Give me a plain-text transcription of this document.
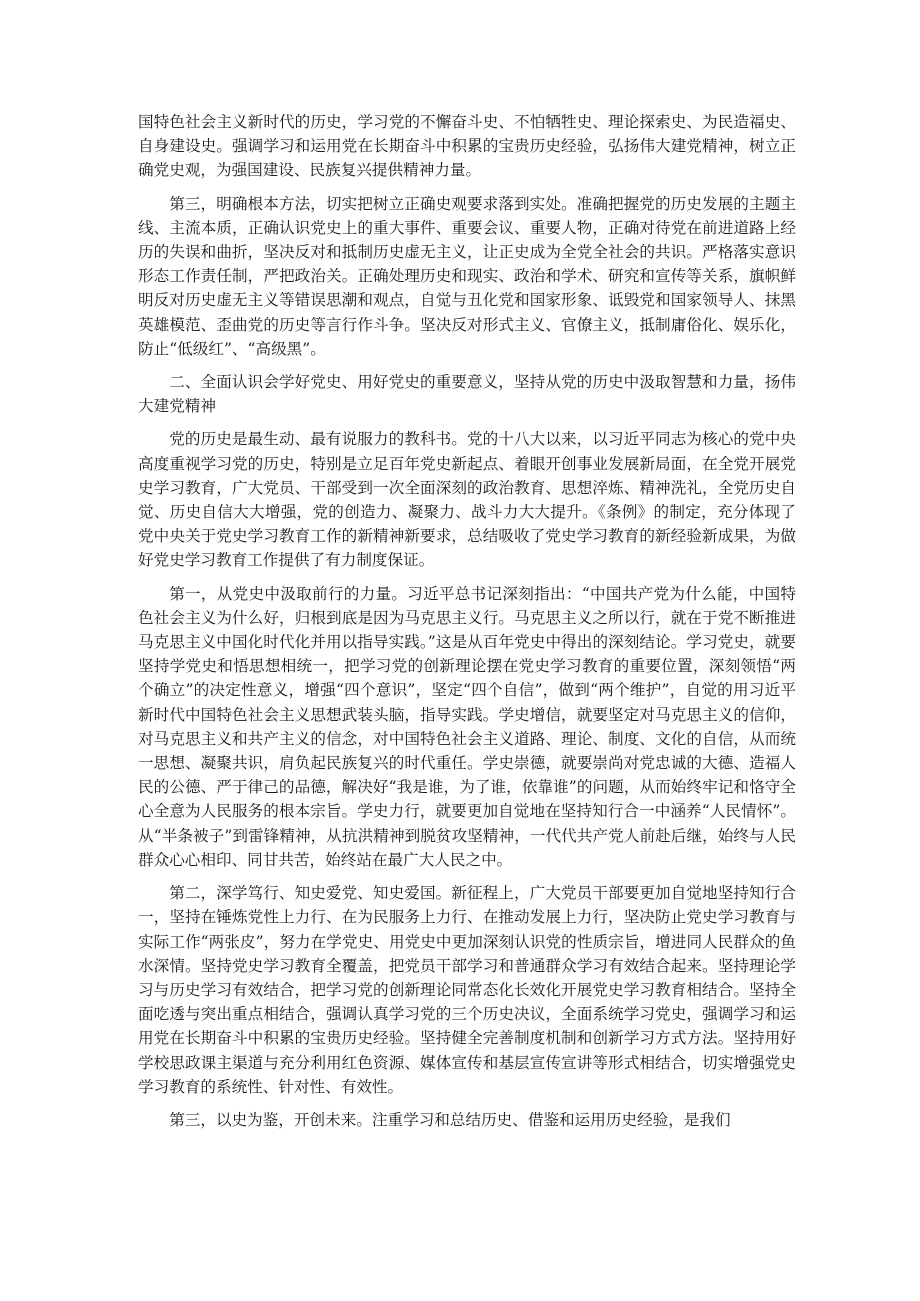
国特色社会主义新时代的历史，学习党的不懈奋斗史、不怕牺牲史、理论探索史、为民造福史、自身建设史。强调学习和运用党在长期奋斗中积累的宝贵历史经验，弘扬伟大建党精神，树立正确党史观，为强国建设、民族复兴提供精神力量。

第三，明确根本方法，切实把树立正确史观要求落到实处。准确把握党的历史发展的主题主线、主流本质，正确认识党史上的重大事件、重要会议、重要人物，正确对待党在前进道路上经历的失误和曲折，坚决反对和抵制历史虚无主义，让正史成为全党全社会的共识。严格落实意识形态工作责任制，严把政治关。正确处理历史和现实、政治和学术、研究和宣传等关系，旗帜鲜明反对历史虚无主义等错误思潮和观点，自觉与丑化党和国家形象、诋毁党和国家领导人、抹黑英雄模范、歪曲党的历史等言行作斗争。坚决反对形式主义、官僚主义，抵制庸俗化、娱乐化，防止“低级红”、“高级黑”。

二、全面认识会学好党史、用好党史的重要意义，坚持从党的历史中汲取智慧和力量，扬伟大建党精神

党的历史是最生动、最有说服力的教科书。党的十八大以来，以习近平同志为核心的党中央高度重视学习党的历史，特别是立足百年党史新起点、着眼开创事业发展新局面，在全党开展党史学习教育，广大党员、干部受到一次全面深刻的政治教育、思想淬炼、精神洗礼，全党历史自觉、历史自信大大增强，党的创造力、凝聚力、战斗力大大提升。《条例》的制定，充分体现了党中央关于党史学习教育工作的新精神新要求，总结吸收了党史学习教育的新经验新成果，为做好党史学习教育工作提供了有力制度保证。

第一，从党史中汲取前行的力量。习近平总书记深刻指出：“中国共产党为什么能，中国特色社会主义为什么好，归根到底是因为马克思主义行。马克思主义之所以行，就在于党不断推进马克思主义中国化时代化并用以指导实践。”这是从百年党史中得出的深刻结论。学习党史，就要坚持学党史和悟思想相统一，把学习党的创新理论摆在党史学习教育的重要位置，深刻领悟“两个确立”的决定性意义，增强“四个意识”，坚定“四个自信”，做到“两个维护”，自觉的用习近平新时代中国特色社会主义思想武装头脑，指导实践。学史增信，就要坚定对马克思主义的信仰，对马克思主义和共产主义的信念，对中国特色社会主义道路、理论、制度、文化的自信，从而统一思想、凝聚共识，肩负起民族复兴的时代重任。学史崇德，就要崇尚对党忠诚的大德、造福人民的公德、严于律己的品德，解决好“我是谁，为了谁，依靠谁”的问题，从而始终牢记和恪守全心全意为人民服务的根本宗旨。学史力行，就要更加自觉地在坚持知行合一中涵养“人民情怀”。从“半条被子”到雷锋精神，从抗洪精神到脱贫攻坚精神，一代代共产党人前赴后继，始终与人民群众心心相印、同甘共苦，始终站在最广大人民之中。

第二，深学笃行、知史爱党、知史爱国。新征程上，广大党员干部要更加自觉地坚持知行合一，坚持在锤炼党性上力行、在为民服务上力行、在推动发展上力行，坚决防止党史学习教育与实际工作“两张皮”，努力在学党史、用党史中更加深刻认识党的性质宗旨，增进同人民群众的鱼水深情。坚持党史学习教育全覆盖，把党员干部学习和普通群众学习有效结合起来。坚持理论学习与历史学习有效结合，把学习党的创新理论同常态化长效化开展党史学习教育相结合。坚持全面吃透与突出重点相结合，强调认真学习党的三个历史决议，全面系统学习党史，强调学习和运用党在长期奋斗中积累的宝贵历史经验。坚持健全完善制度机制和创新学习方式方法。坚持用好学校思政课主渠道与充分利用红色资源、媒体宣传和基层宣传宣讲等形式相结合，切实增强党史学习教育的系统性、针对性、有效性。

第三，以史为鉴，开创未来。注重学习和总结历史、借鉴和运用历史经验，是我们
